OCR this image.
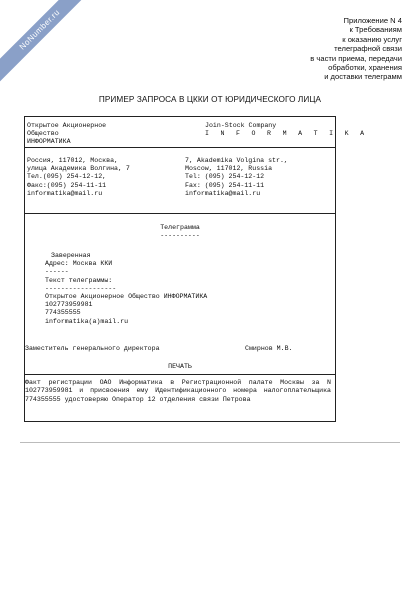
NoNumber.ru	Приложение N 4
к Требованиям
к оказанию услуг
телеграфной связи
в части приема, передачи
обработки, хранения
и доставки телеграмм
ПРИМЕР ЗАПРОСА В ЦККИ ОТ ЮРИДИЧЕСКОГО ЛИЦА
Открытое Акционерное
Общество
ИНФОРМАТИКА
Join-Stock Company
I N F O R M A T I K A
Россия, 117012, Москва,
улица Академика Волгина, 7
Тел.(095) 254-12-12,
Факс:(095) 254-11-11
informatika@mail.ru
7, Akademika Volgina str.,
Moscow, 117012, Russia
Tel: (095) 254-12-12
Fax: (095) 254-11-11
informatika@mail.ru
Телеграмма
----------
Заверенная
Адрес: Москва ККИ
------
Текст телеграммы:
------------------
Открытое Акционерное Общество ИНФОРМАТИКА
102773959981
774355555
informatika(a)mail.ru
Заместитель генерального директора	Смирнов М.В.
ПЕЧАТЬ
Факт регистрации ОАО Информатика в Регистрационной палате Москвы за N 102773959981 и присвоения ему Идентификационного номера налогоплательщика 774355555 удостоверяю Оператор 12 отделения связи Петрова
